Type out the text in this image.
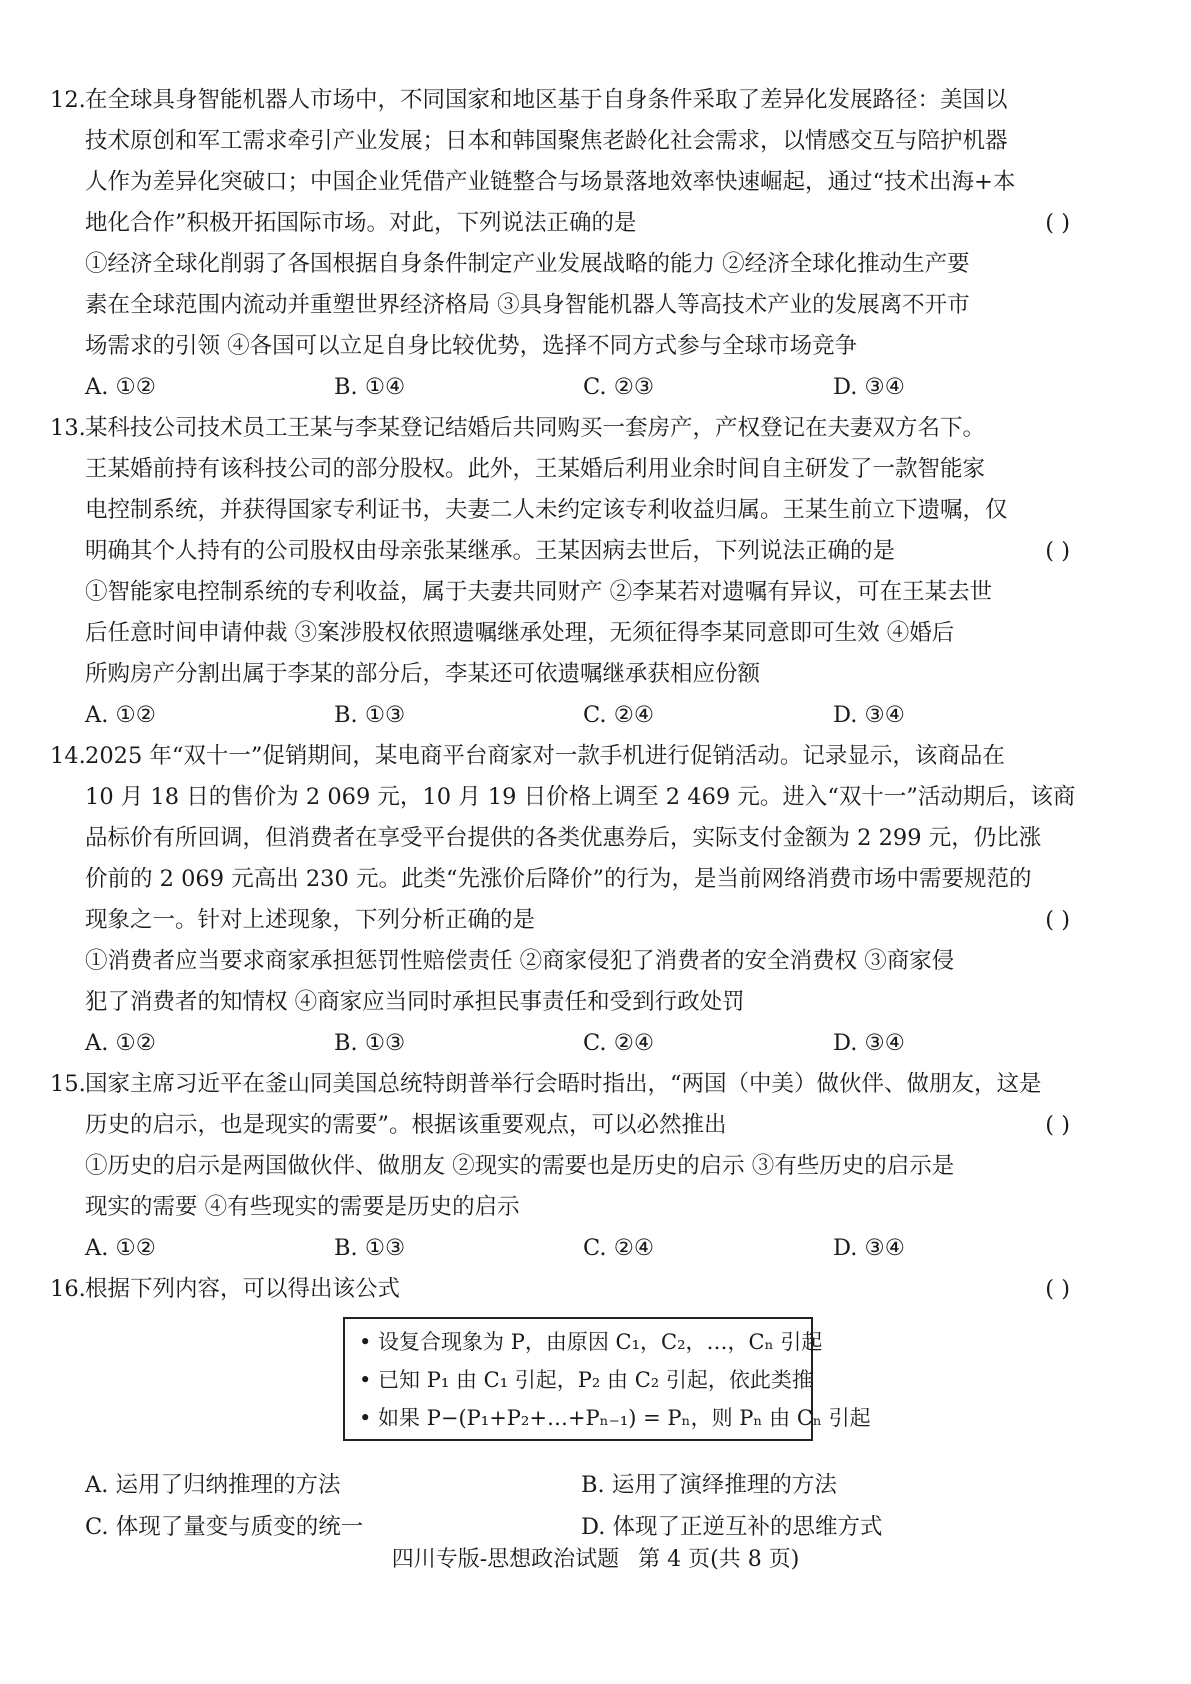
12. 在全球具身智能机器人市场中，不同国家和地区基于自身条件采取了差异化发展路径：美国以
技术原创和军工需求牵引产业发展；日本和韩国聚焦老龄化社会需求，以情感交互与陪护机器
人作为差异化突破口；中国企业凭借产业链整合与场景落地效率快速崛起，通过“技术出海+本
地化合作”积极开拓国际市场。对此，下列说法正确的是	( )
①经济全球化削弱了各国根据自身条件制定产业发展战略的能力 ②经济全球化推动生产要
素在全球范围内流动并重塑世界经济格局 ③具身智能机器人等高技术产业的发展离不开市
场需求的引领 ④各国可以立足自身比较优势，选择不同方式参与全球市场竞争
A. ①②	B. ①④	C. ②③	D. ③④
13. 某科技公司技术员工王某与李某登记结婚后共同购买一套房产，产权登记在夫妻双方名下。
王某婚前持有该科技公司的部分股权。此外，王某婚后利用业余时间自主研发了一款智能家
电控制系统，并获得国家专利证书，夫妻二人未约定该专利收益归属。王某生前立下遗嘱，仅
明确其个人持有的公司股权由母亲张某继承。王某因病去世后，下列说法正确的是	( )
①智能家电控制系统的专利收益，属于夫妻共同财产 ②李某若对遗嘱有异议，可在王某去世
后任意时间申请仲裁 ③案涉股权依照遗嘱继承处理，无须征得李某同意即可生效 ④婚后
所购房产分割出属于李某的部分后，李某还可依遗嘱继承获相应份额
A. ①②	B. ①③	C. ②④	D. ③④
14. 2025 年“双十一”促销期间，某电商平台商家对一款手机进行促销活动。记录显示，该商品在
10 月 18 日的售价为 2 069 元，10 月 19 日价格上调至 2 469 元。进入“双十一”活动期后，该商
品标价有所回调，但消费者在享受平台提供的各类优惠券后，实际支付金额为 2 299 元，仍比涨
价前的 2 069 元高出 230 元。此类“先涨价后降价”的行为，是当前网络消费市场中需要规范的
现象之一。针对上述现象，下列分析正确的是	( )
①消费者应当要求商家承担惩罚性赔偿责任 ②商家侵犯了消费者的安全消费权 ③商家侵
犯了消费者的知情权 ④商家应当同时承担民事责任和受到行政处罚
A. ①②	B. ①③	C. ②④	D. ③④
15. 国家主席习近平在釜山同美国总统特朗普举行会晤时指出，“两国（中美）做伙伴、做朋友，这是
历史的启示，也是现实的需要”。根据该重要观点，可以必然推出	( )
①历史的启示是两国做伙伴、做朋友 ②现实的需要也是历史的启示 ③有些历史的启示是
现实的需要 ④有些现实的需要是历史的启示
A. ①②	B. ①③	C. ②④	D. ③④
16. 根据下列内容，可以得出该公式	( )
• 设复合现象为 P，由原因 C₁，C₂，…，Cₙ 引起
• 已知 P₁ 由 C₁ 引起，P₂ 由 C₂ 引起，依此类推
• 如果 P−(P₁+P₂+…+Pₙ₋₁) = Pₙ，则 Pₙ 由 Cₙ 引起
A. 运用了归纳推理的方法	B. 运用了演绎推理的方法
C. 体现了量变与质变的统一	D. 体现了正逆互补的思维方式
四川专版-思想政治试题 第 4 页(共 8 页)
